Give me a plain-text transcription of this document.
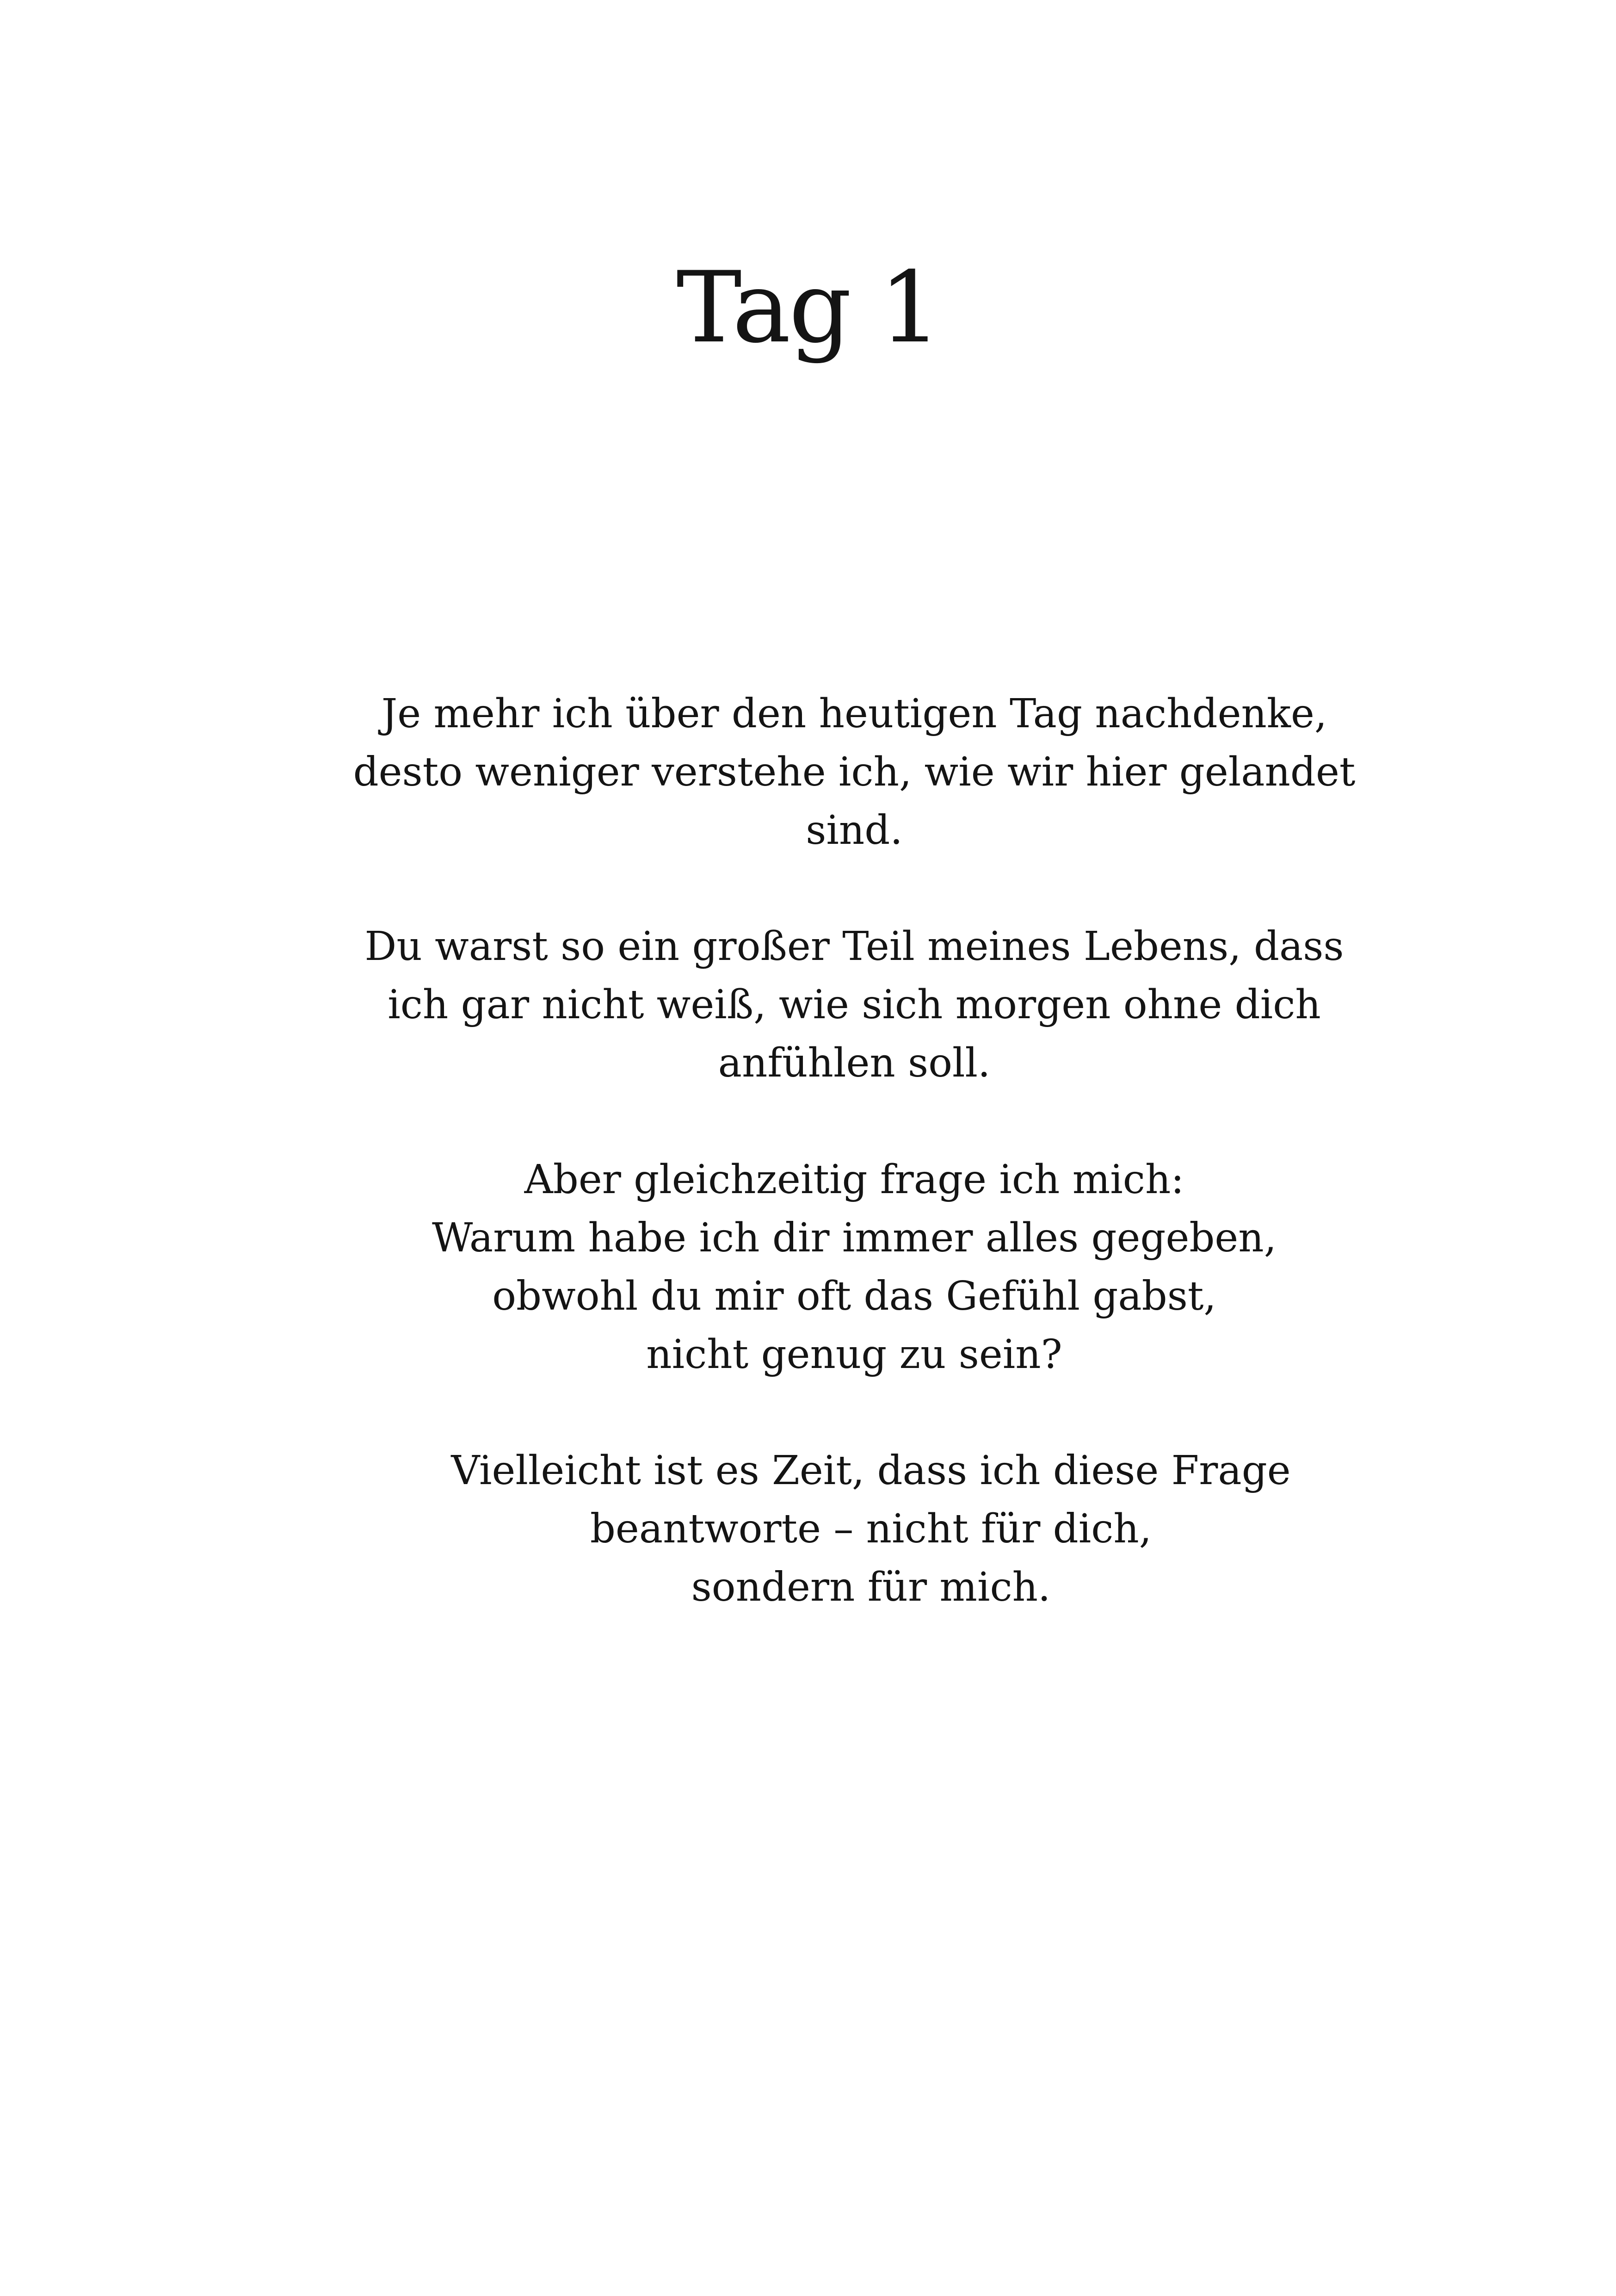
Tag 1

Je mehr ich über den heutigen Tag nachdenke,
desto weniger verstehe ich, wie wir hier gelandet
sind.

Du warst so ein großer Teil meines Lebens, dass
ich gar nicht weiß, wie sich morgen ohne dich
anfühlen soll.

Aber gleichzeitig frage ich mich:
Warum habe ich dir immer alles gegeben,
obwohl du mir oft das Gefühl gabst,
nicht genug zu sein?

Vielleicht ist es Zeit, dass ich diese Frage
beantworte – nicht für dich,
sondern für mich.
